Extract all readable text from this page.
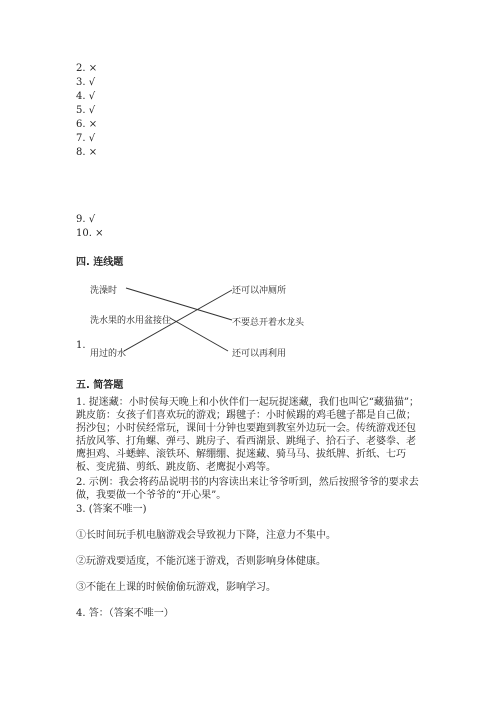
2. ×
3. √
4. √
5. √
6. ×
7. √
8. ×
9. √
10. ×
四. 连线题
洗澡时
洗水果的水用盆接住
1.
用过的水
还可以冲厕所
不要总开着水龙头
还可以再利用
五. 简答题
1. 捉迷藏：小时侯每天晚上和小伙伴们一起玩捉迷藏，我们也叫它“藏猫猫”；跳皮筋：女孩子们喜欢玩的游戏；踢毽子：小时候踢的鸡毛毽子都是自己做；拐沙包；小时侯经常玩，课间十分钟也要跑到教室外边玩一会。传统游戏还包括放风筝、打角螺、弹弓、跳房子、看西湖景、跳绳子、拾石子、老婆拳、老鹰担鸡、斗蟋蟀、滚铁环、解绷绷、捉迷藏、骑马马、拔纸牌、折纸、七巧板、变虎猫、剪纸、跳皮筋、老鹰捉小鸡等。
2. 示例：我会将药品说明书的内容读出来让爷爷听到，然后按照爷爷的要求去做，我要做一个爷爷的“开心果”。
3. (答案不唯一)
①长时间玩手机电脑游戏会导致视力下降，注意力不集中。
②玩游戏要适度，不能沉迷于游戏，否则影响身体健康。
③不能在上课的时候偷偷玩游戏，影响学习。
4. 答：（答案不唯一）
